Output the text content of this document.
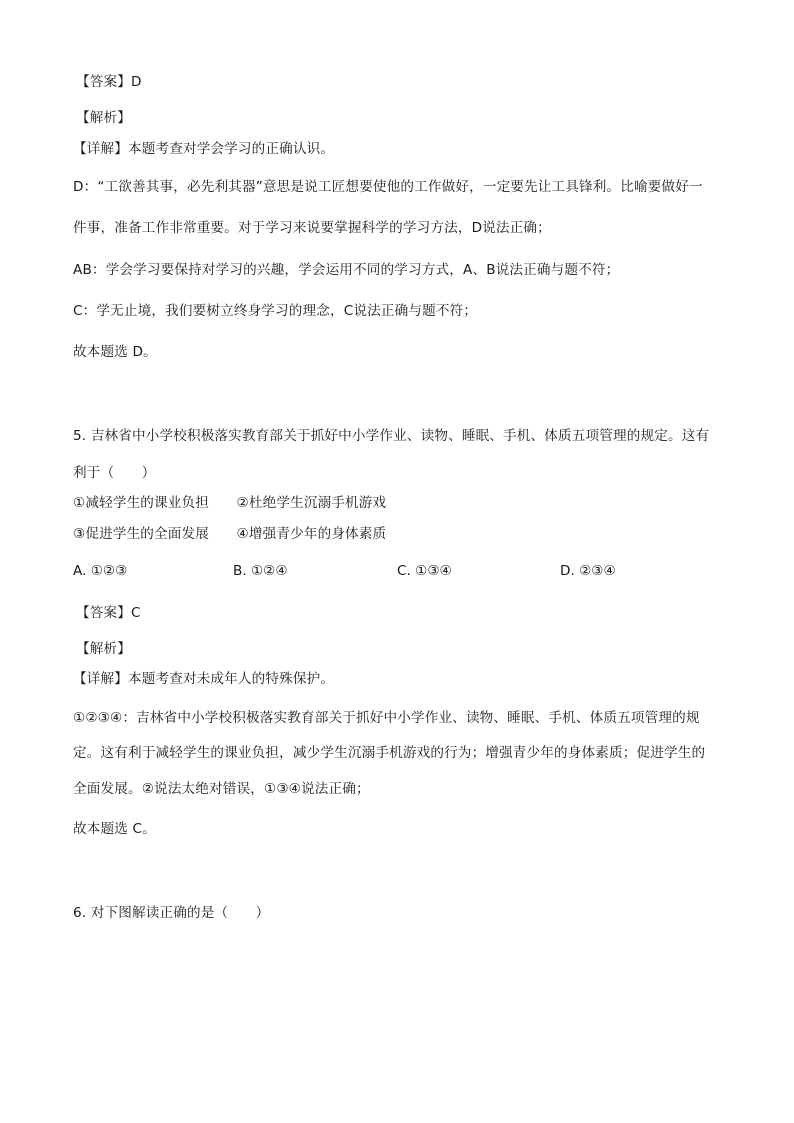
【答案】D
【解析】
【详解】本题考查对学会学习的正确认识。
D：“工欲善其事，必先利其器”意思是说工匠想要使他的工作做好，一定要先让工具锋利。比喻要做好一
件事，准备工作非常重要。对于学习来说要掌握科学的学习方法，D说法正确；
AB：学会学习要保持对学习的兴趣，学会运用不同的学习方式，A、B说法正确与题不符；
C：学无止境，我们要树立终身学习的理念，C说法正确与题不符；
故本题选 D。
5. 吉林省中小学校积极落实教育部关于抓好中小学作业、读物、睡眠、手机、体质五项管理的规定。这有
利于（　　）
①减轻学生的课业负担　　②杜绝学生沉溺手机游戏
③促进学生的全面发展　　④增强青少年的身体素质
A. ①②③	B. ①②④	C. ①③④	D. ②③④
【答案】C
【解析】
【详解】本题考查对未成年人的特殊保护。
①②③④：吉林省中小学校积极落实教育部关于抓好中小学作业、读物、睡眠、手机、体质五项管理的规
定。这有利于减轻学生的课业负担，减少学生沉溺手机游戏的行为；增强青少年的身体素质；促进学生的
全面发展。②说法太绝对错误，①③④说法正确；
故本题选 C。
6. 对下图解读正确的是（　　）
